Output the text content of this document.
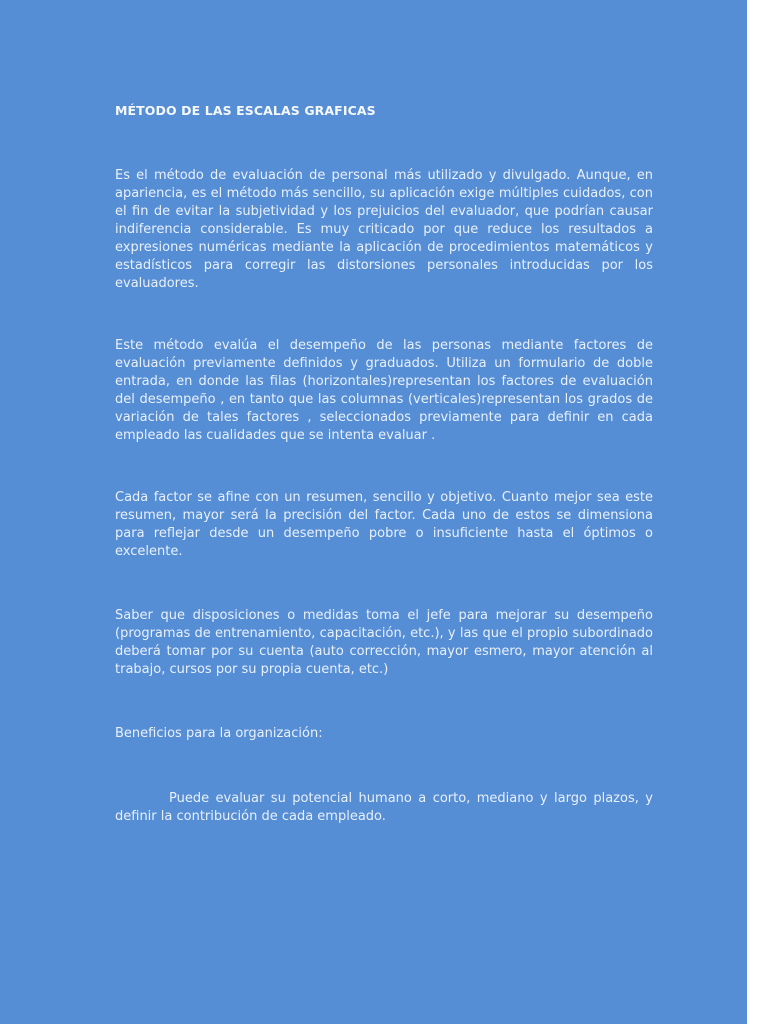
MÉTODO DE LAS ESCALAS GRAFICAS

Es el método de evaluación de personal más utilizado y divulgado. Aunque, en apariencia, es el método más sencillo, su aplicación exige múltiples cuidados, con el fin de evitar la subjetividad y los prejuicios del evaluador, que podrían causar indiferencia considerable. Es muy criticado por que reduce los resultados a expresiones numéricas mediante la aplicación de procedimientos matemáticos y estadísticos para corregir las distorsiones personales introducidas por los evaluadores.

Este método evalúa el desempeño de las personas mediante factores de evaluación previamente definidos y graduados. Utiliza un formulario de doble entrada, en donde las filas (horizontales)representan los factores de evaluación del desempeño , en tanto que las columnas (verticales)representan los grados de variación de tales factores , seleccionados previamente para definir en cada empleado las cualidades que se intenta evaluar .

Cada factor se afine con un resumen, sencillo y objetivo. Cuanto mejor sea este resumen, mayor será la precisión del factor. Cada uno de estos se dimensiona para reflejar desde un desempeño pobre o insuficiente hasta el óptimos o excelente.

Saber que disposiciones o medidas toma el jefe para mejorar su desempeño (programas de entrenamiento, capacitación, etc.), y las que el propio subordinado deberá tomar por su cuenta (auto corrección, mayor esmero, mayor atención al trabajo, cursos por su propia cuenta, etc.)

Beneficios para la organización:

Puede evaluar su potencial humano a corto, mediano y largo plazos, y definir la contribución de cada empleado.
